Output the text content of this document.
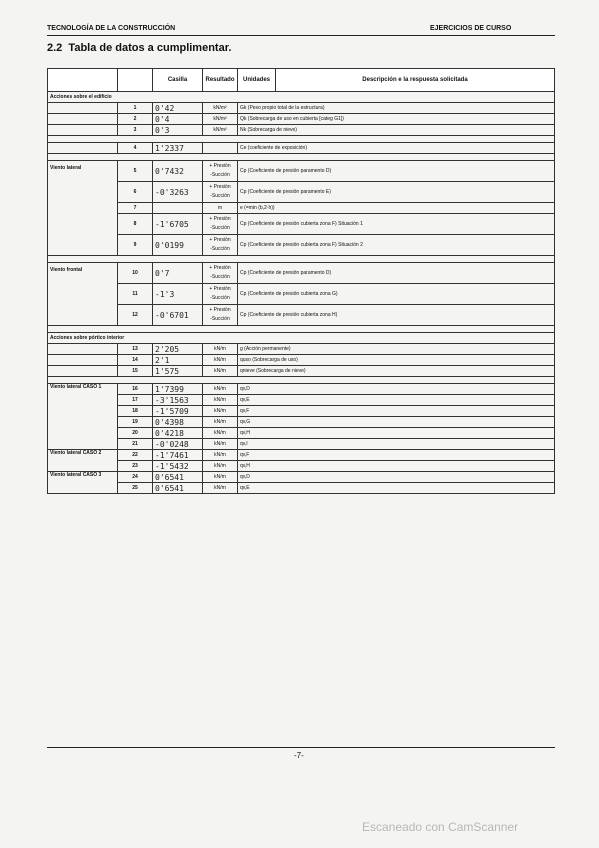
TECNOLOGÍA DE LA CONSTRUCCIÓN	EJERCICIOS DE CURSO
2.2 Tabla de datos a cumplimentar.
		Casilla	Resultado	Unidades	Descripción e la respuesta solicitada
Acciones sobre el edificio					
	1	0'42	kN/m²	Gk (Peso propio total de la estructura)	
	2	0'4	kN/m²	Qk (Sobrecarga de uso en cubierta [categ G1])	
	3	0'3	kN/m²	Nk (Sobrecarga de nieve)	

	4	1'2337		Ce (coeficiente de exposición)	

Viento lateral	5	0'7432	+ Presión
-Succión	Cp (Coeficiente de presión paramento D)	
	6	-0'3263	+ Presión
-Succión	Cp (Coeficiente de presión paramento E)	
	7		m	e (=min (b,2·h))	
	8	-1'6705	+ Presión
-Succión	Cp (Coeficiente de presión cubierta zona F) Situación 1	
	9	0'0199	+ Presión
-Succión	Cp (Coeficiente de presión cubierta zona F) Situación 2	

Viento frontal	10	0'7	+ Presión
-Succión	Cp (Coeficiente de presión paramento D)	
	11	-1'3	+ Presión
-Succión	Cp (Coeficiente de presión cubierta zona G)	
	12	-0'6701	+ Presión
-Succión	Cp (Coeficiente de presión cubierta zona H)	

Acciones sobre pórtico interior					
	13	2'205	kN/m	g (Acción permanente)	
	14	2'1	kN/m	quso (Sobrecarga de uso)	
	15	1'575	kN/m	qnieve (Sobrecarga de nieve)	

Viento lateral CASO 1	16	1'7399	kN/m	qv,D	
	17	-3'1563	kN/m	qv,E	
	18	-1'5709	kN/m	qv,F	
	19	0'4398	kN/m	qv,G	
	20	0'4218	kN/m	qv,H	
	21	-0'0248	kN/m	qv,I	
Viento lateral CASO 2	22	-1'7461	kN/m	qv,F	
	23	-1'5432	kN/m	qv,H	
Viento lateral CASO 3	24	0'6541	kN/m	qv,D	
	25	0'6541	kN/m	qv,E	
-7-
Escaneado con CamScanner
